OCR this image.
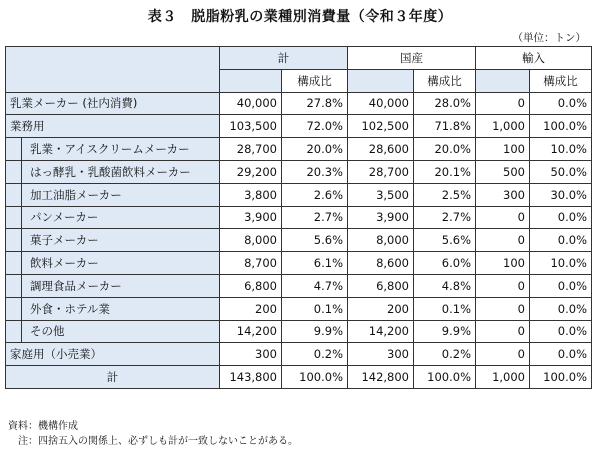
表３　脱脂粉乳の業種別消費量（令和３年度）
（単位：トン）
		計		国産		輸入	
			構成比		構成比		構成比
乳業メーカー (社内消費)		40,000	27.8%	40,000	28.0%	0	0.0%
業務用		103,500	72.0%	102,500	71.8%	1,000	100.0%
	乳業・アイスクリームメーカー	28,700	20.0%	28,600	20.0%	100	10.0%
	はっ酵乳・乳酸菌飲料メーカー	29,200	20.3%	28,700	20.1%	500	50.0%
	加工油脂メーカー	3,800	2.6%	3,500	2.5%	300	30.0%
	パンメーカー	3,900	2.7%	3,900	2.7%	0	0.0%
	菓子メーカー	8,000	5.6%	8,000	5.6%	0	0.0%
	飲料メーカー	8,700	6.1%	8,600	6.0%	100	10.0%
	調理食品メーカー	6,800	4.7%	6,800	4.8%	0	0.0%
	外食・ホテル業	200	0.1%	200	0.1%	0	0.0%
	その他	14,200	9.9%	14,200	9.9%	0	0.0%
家庭用（小売業）		300	0.2%	300	0.2%	0	0.0%
計		143,800	100.0%	142,800	100.0%	1,000	100.0%
資料：機構作成
　注：四捨五入の関係上、必ずしも計が一致しないことがある。
